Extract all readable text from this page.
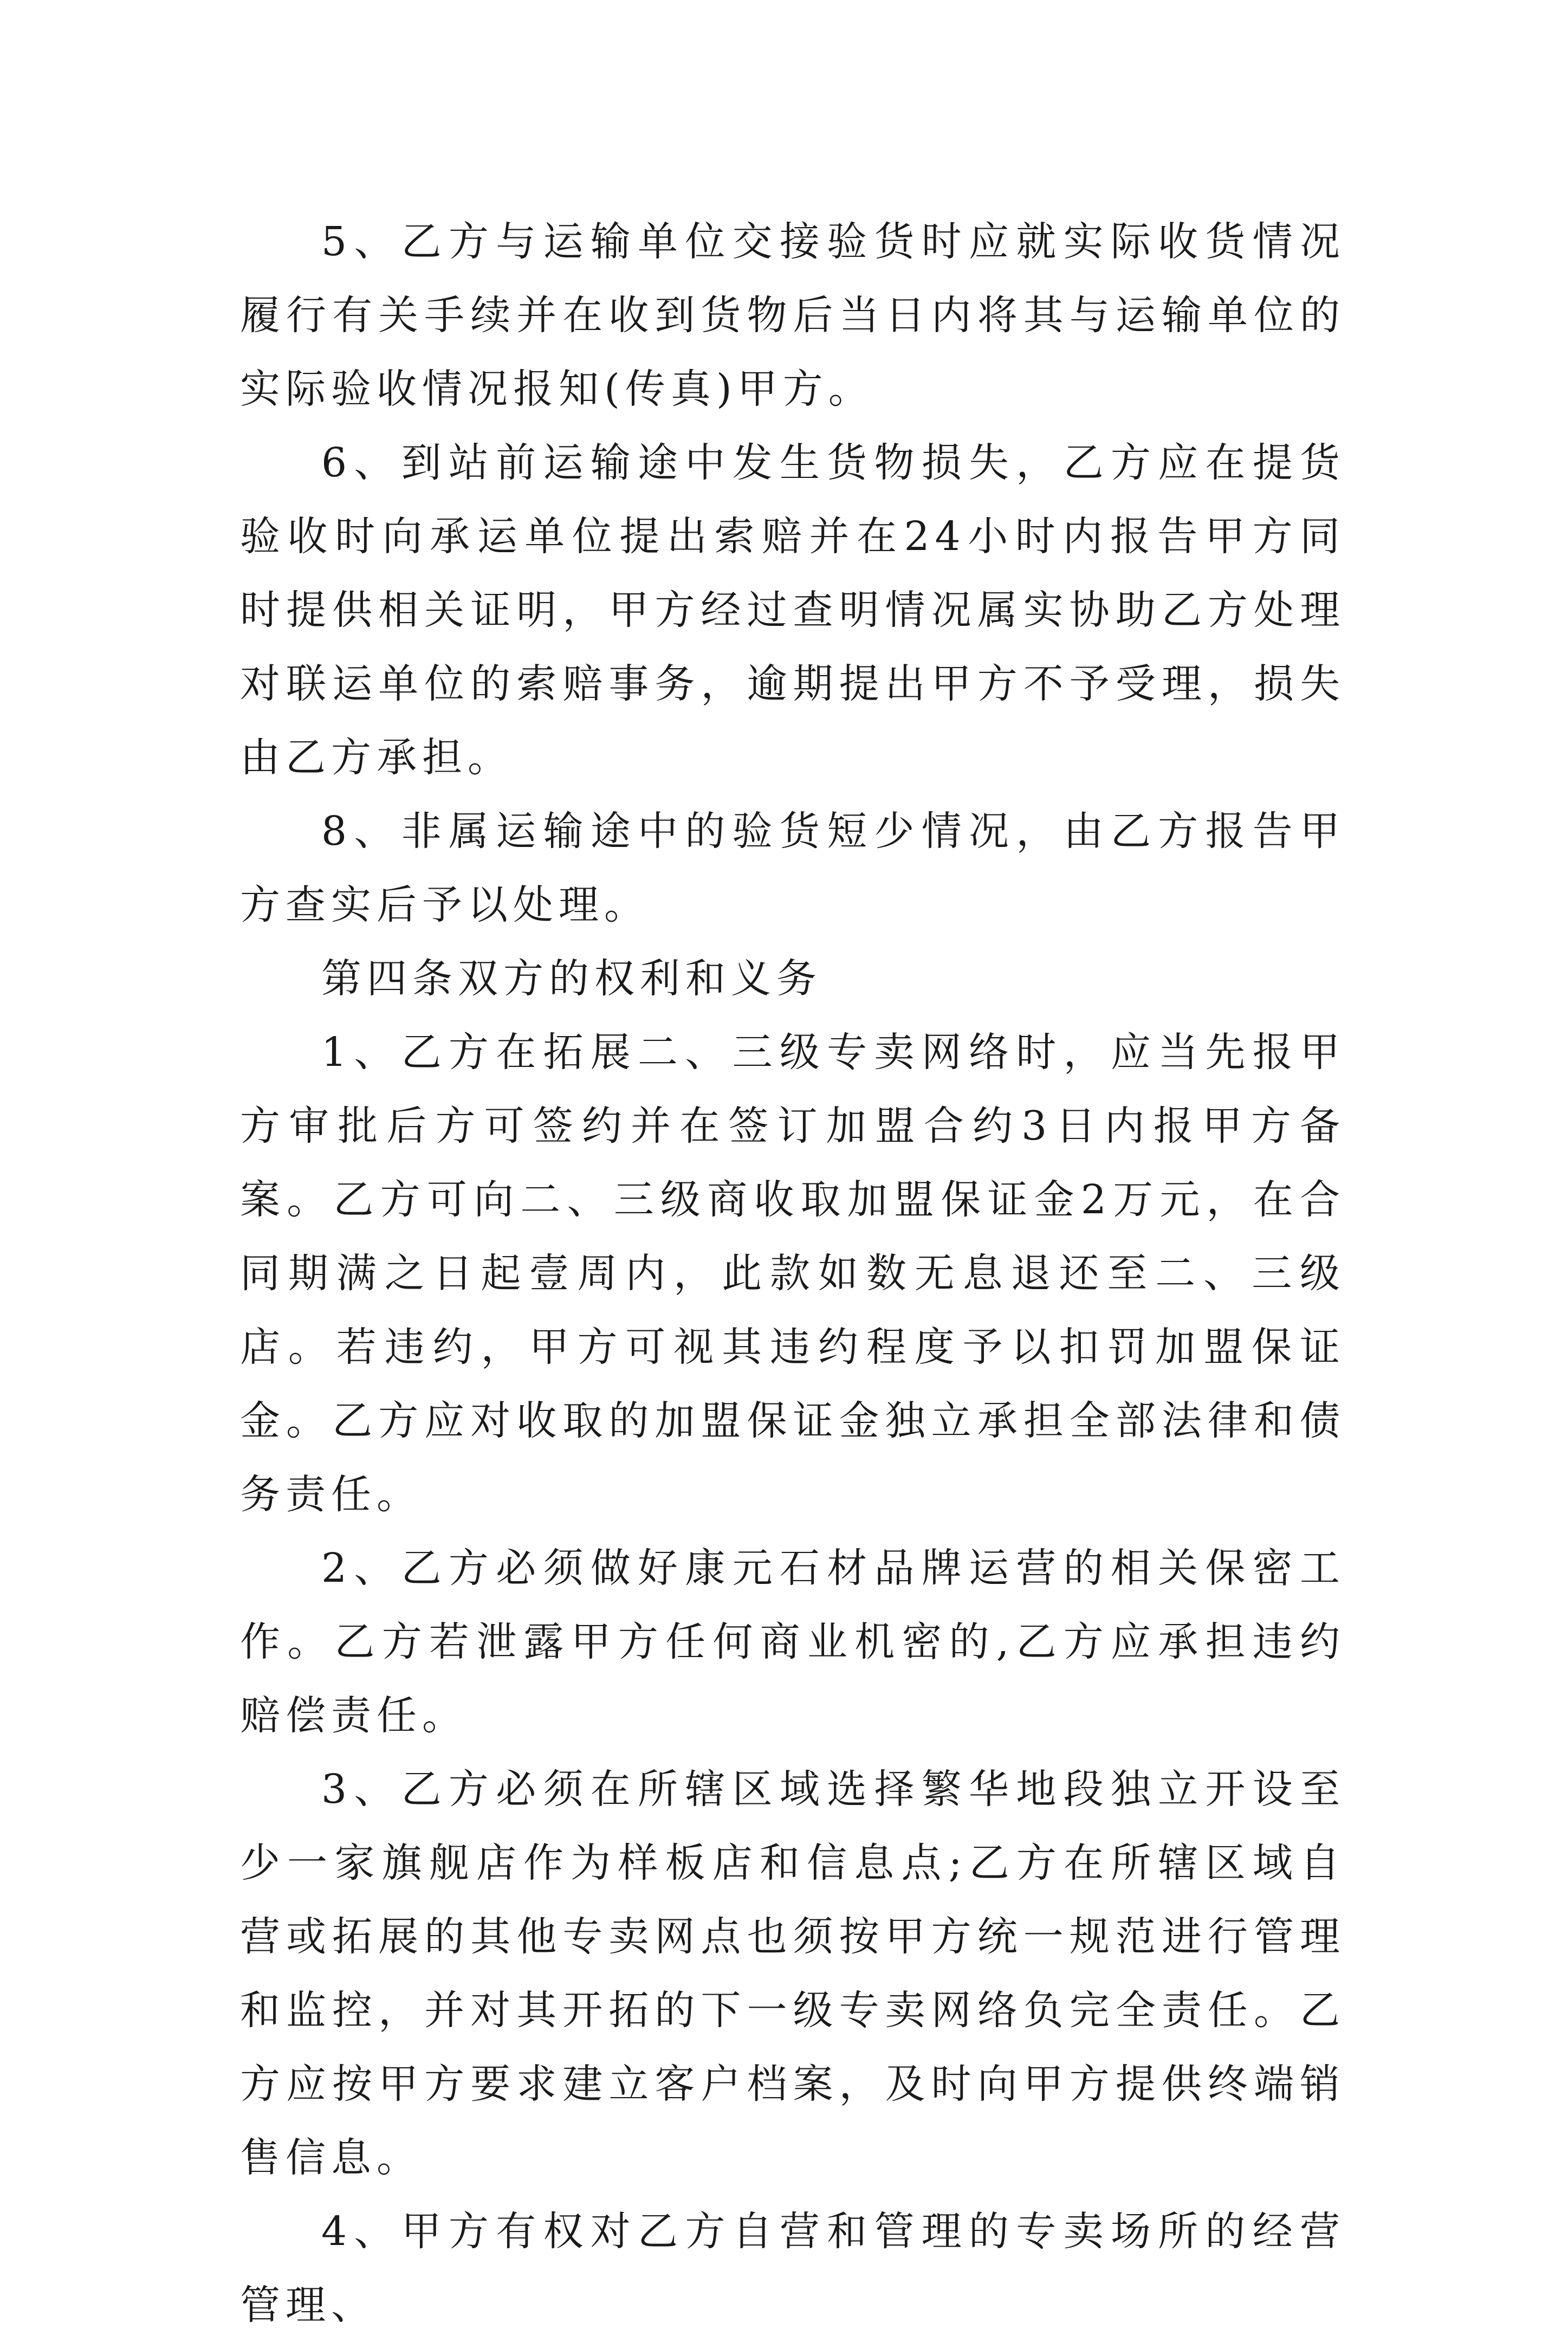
5、乙方与运输单位交接验货时应就实际收货情况履行有关手续并在收到货物后当日内将其与运输单位的实际验收情况报知(传真)甲方。

6、到站前运输途中发生货物损失，乙方应在提货验收时向承运单位提出索赔并在24小时内报告甲方同时提供相关证明，甲方经过查明情况属实协助乙方处理对联运单位的索赔事务，逾期提出甲方不予受理，损失由乙方承担。

8、非属运输途中的验货短少情况，由乙方报告甲方查实后予以处理。

第四条双方的权利和义务

1、乙方在拓展二、三级专卖网络时，应当先报甲方审批后方可签约并在签订加盟合约3日内报甲方备案。乙方可向二、三级商收取加盟保证金2万元，在合同期满之日起壹周内，此款如数无息退还至二、三级店。若违约，甲方可视其违约程度予以扣罚加盟保证金。乙方应对收取的加盟保证金独立承担全部法律和债务责任。

2、乙方必须做好康元石材品牌运营的相关保密工作。乙方若泄露甲方任何商业机密的,乙方应承担违约赔偿责任。

3、乙方必须在所辖区域选择繁华地段独立开设至少一家旗舰店作为样板店和信息点;乙方在所辖区域自营或拓展的其他专卖网点也须按甲方统一规范进行管理和监控，并对其开拓的下一级专卖网络负完全责任。乙方应按甲方要求建立客户档案，及时向甲方提供终端销售信息。

4、甲方有权对乙方自营和管理的专卖场所的经营管理、
